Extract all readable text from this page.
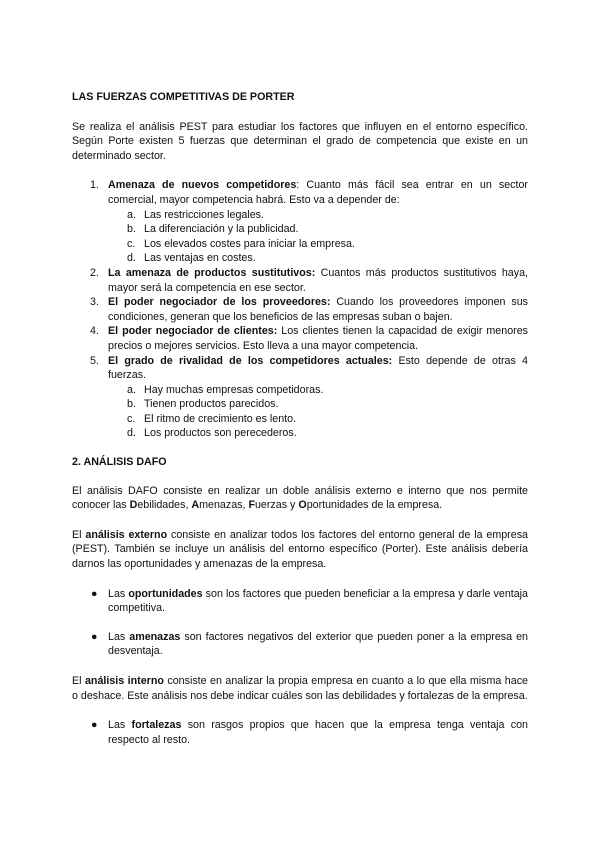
LAS FUERZAS COMPETITIVAS DE PORTER

Se realiza el análisis PEST para estudiar los factores que influyen en el entorno específico. Según Porte existen 5 fuerzas que determinan el grado de competencia que existe en un determinado sector.

1. Amenaza de nuevos competidores: Cuanto más fácil sea entrar en un sector comercial, mayor competencia habrá. Esto va a depender de:
a. Las restricciones legales.
b. La diferenciación y la publicidad.
c. Los elevados costes para iniciar la empresa.
d. Las ventajas en costes.
2. La amenaza de productos sustitutivos: Cuantos más productos sustitutivos haya, mayor será la competencia en ese sector.
3. El poder negociador de los proveedores: Cuando los proveedores imponen sus condiciones, generan que los beneficios de las empresas suban o bajen.
4. El poder negociador de clientes: Los clientes tienen la capacidad de exigir menores precios o mejores servicios. Esto lleva a una mayor competencia.
5. El grado de rivalidad de los competidores actuales: Esto depende de otras 4 fuerzas.
a. Hay muchas empresas competidoras.
b. Tienen productos parecidos.
c. El ritmo de crecimiento es lento.
d. Los productos son perecederos.

2. ANÁLISIS DAFO

El análisis DAFO consiste en realizar un doble análisis externo e interno que nos permite conocer las Debilidades, Amenazas, Fuerzas y Oportunidades de la empresa.

El análisis externo consiste en analizar todos los factores del entorno general de la empresa (PEST). También se incluye un análisis del entorno específico (Porter). Este análisis debería darnos las oportunidades y amenazas de la empresa.

● Las oportunidades son los factores que pueden beneficiar a la empresa y darle ventaja competitiva.
● Las amenazas son factores negativos del exterior que pueden poner a la empresa en desventaja.

El análisis interno consiste en analizar la propia empresa en cuanto a lo que ella misma hace o deshace. Este análisis nos debe indicar cuáles son las debilidades y fortalezas de la empresa.

● Las fortalezas son rasgos propios que hacen que la empresa tenga ventaja con respecto al resto.
